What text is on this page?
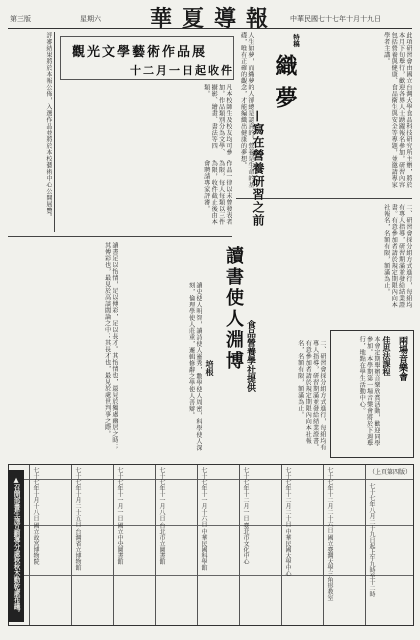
華夏導報
第三版	星期六	中華民國七十七年十月十九日
此項研習會由國立台灣大學食品科技研究所主辦，將於本月下旬舉行，歡迎各界人士踴躍報名參加。研習內容包括營養與健康、食品衛生與安全等專題，並邀請專家學者主講。
特稿
織夢
—寫在營養研習之前
人生如夢，而織夢的人卻總是認真的。營養是生命的基礎，唯有正確的觀念，才能編織出健康的夢想。
二、研習會採分組方式進行，每組均有專人指導，研習期滿並發給結業證書。有意參加者請於規定期限內向本社報名，名額有限，額滿為止。
食品營養學社提供	兩場音樂會
佳思法課程
本會定期舉辦音樂欣賞活動，歡迎同學參加。本學期第一場音樂會將於下週舉行，地點在學生活動中心。
二、研習會採分組方式進行，每組均有專人指導，研習期滿並發給結業證書。有意參加者請於規定期限內向本社報名，名額有限，額滿為止。
觀光文學藝術作品展
十二月一日起收件
凡本校師生及校友均可參加。作品類別分為文學、攝影、繪畫、書法等四類。
作品一律以未曾發表者為限，每人每類以三件為限，收件截止後由本會聘請專家評審。
評審結果將於本報公佈，入選作品並將於本校藝術中心公開展覽。
讀書足以怡情，足以傅彩，足以長才。其怡情也，最見於獨處幽居之時；其傅彩也，最見於高談闊論之中；其長才也，最見於處世判事之際。	讀書使人淵博
培根
讀史使人明智，讀詩使人靈秀，數學使人周密，科學使人深刻，倫理學使人莊重，邏輯修辭之學使人善辯。
（上頁第四版）
七十七年十月十八日 國立故宮博物院	七十七年十月二十五日 台灣省立博物館	七十七年十一月一日 國立中央圖書館	七十七年十一月八日 台北市立圖書館	七十七年十一月十六日 中華民國科學館	七十七年十二月一日 臺北市文化中心	七十七年十二月二十日 中華民國大學中心	七十七年十二月二十六日 國立臺灣大學三角形教室	七十七年八月二十九日起上午九時至十二時
▲召開部畫生施互劃導分處秋秋木勤乾處布議。
